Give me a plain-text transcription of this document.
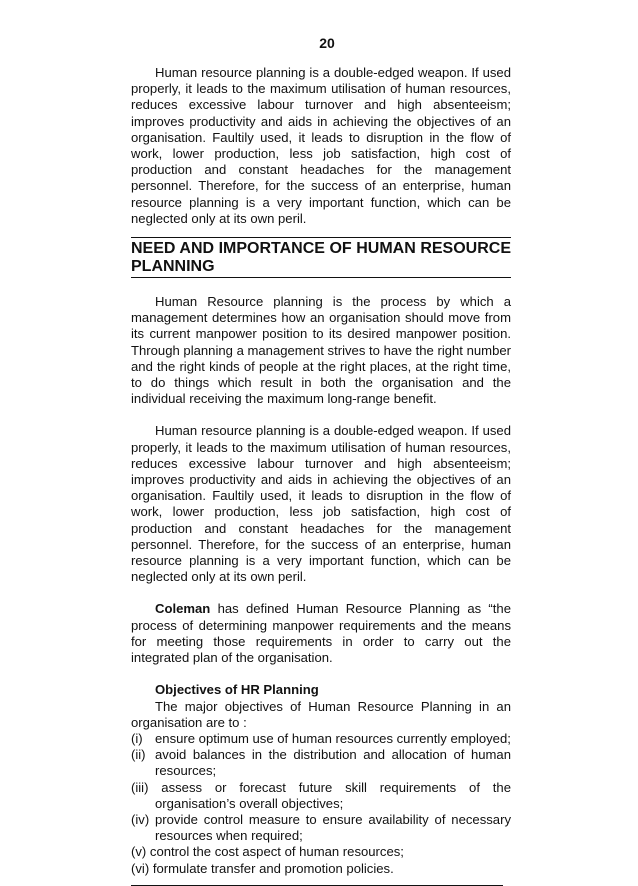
20

Human resource planning is a double-edged weapon. If used properly, it leads to the maximum utilisation of human resources, reduces excessive labour turnover and high absenteeism; improves productivity and aids in achieving the objectives of an organisation. Faultily used, it leads to disruption in the flow of work, lower production, less job satisfaction, high cost of production and constant headaches for the management personnel. Therefore, for the success of an enterprise, human resource planning is a very important function, which can be neglected only at its own peril.

NEED AND IMPORTANCE OF HUMAN RESOURCE PLANNING

Human Resource planning is the process by which a management determines how an organisation should move from its current manpower position to its desired manpower position. Through planning a management strives to have the right number and the right kinds of people at the right places, at the right time, to do things which result in both the organisation and the individual receiving the maximum long-range benefit.

Human resource planning is a double-edged weapon. If used properly, it leads to the maximum utilisation of human resources, reduces excessive labour turnover and high absenteeism; improves productivity and aids in achieving the objectives of an organisation. Faultily used, it leads to disruption in the flow of work, lower production, less job satisfaction, high cost of production and constant headaches for the management personnel. Therefore, for the success of an enterprise, human resource planning is a very important function, which can be neglected only at its own peril.

Coleman has defined Human Resource Planning as “the process of determining manpower requirements and the means for meeting those requirements in order to carry out the integrated plan of the organisation.

Objectives of HR Planning

The major objectives of Human Resource Planning in an organisation are to :

(i) ensure optimum use of human resources currently employed;
(ii) avoid balances in the distribution and allocation of human resources;
(iii) assess or forecast future skill requirements of the organisation’s overall objectives;
(iv) provide control measure to ensure availability of necessary resources when required;
(v) control the cost aspect of human resources;
(vi) formulate transfer and promotion policies.
